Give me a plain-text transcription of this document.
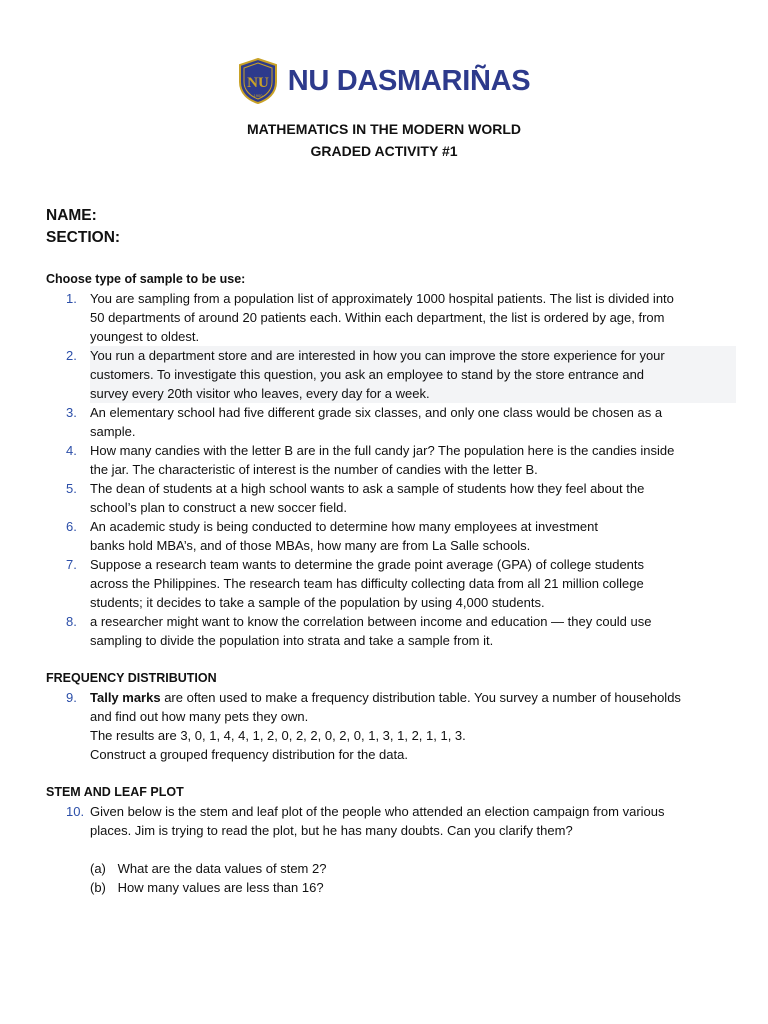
NU
1900 NU DASMARIÑAS
MATHEMATICS IN THE MODERN WORLD
GRADED ACTIVITY #1
NAME:
SECTION:

Choose type of sample to be use:

1. You are sampling from a population list of approximately 1000 hospital patients. The list is divided into
50 departments of around 20 patients each. Within each department, the list is ordered by age, from
youngest to oldest.
2. You run a department store and are interested in how you can improve the store experience for your
customers. To investigate this question, you ask an employee to stand by the store entrance and
survey every 20th visitor who leaves, every day for a week.
3. An elementary school had five different grade six classes, and only one class would be chosen as a
sample.
4. How many candies with the letter B are in the full candy jar? The population here is the candies inside
the jar. The characteristic of interest is the number of candies with the letter B.
5. The dean of students at a high school wants to ask a sample of students how they feel about the
school’s plan to construct a new soccer field.
6. An academic study is being conducted to determine how many employees at investment
banks hold MBA’s, and of those MBAs, how many are from La Salle schools.
7. Suppose a research team wants to determine the grade point average (GPA) of college students
across the Philippines. The research team has difficulty collecting data from all 21 million college
students; it decides to take a sample of the population by using 4,000 students.
8. a researcher might want to know the correlation between income and education — they could use
sampling to divide the population into strata and take a sample from it.

FREQUENCY DISTRIBUTION

9. Tally marks are often used to make a frequency distribution table. You survey a number of households
and find out how many pets they own.
The results are 3, 0, 1, 4, 4, 1, 2, 0, 2, 2, 0, 2, 0, 1, 3, 1, 2, 1, 1, 3.
Construct a grouped frequency distribution for the data.

STEM AND LEAF PLOT

10. Given below is the stem and leaf plot of the people who attended an election campaign from various
places. Jim is trying to read the plot, but he has many doubts. Can you clarify them?
(a) What are the data values of stem 2?
(b) How many values are less than 16?
